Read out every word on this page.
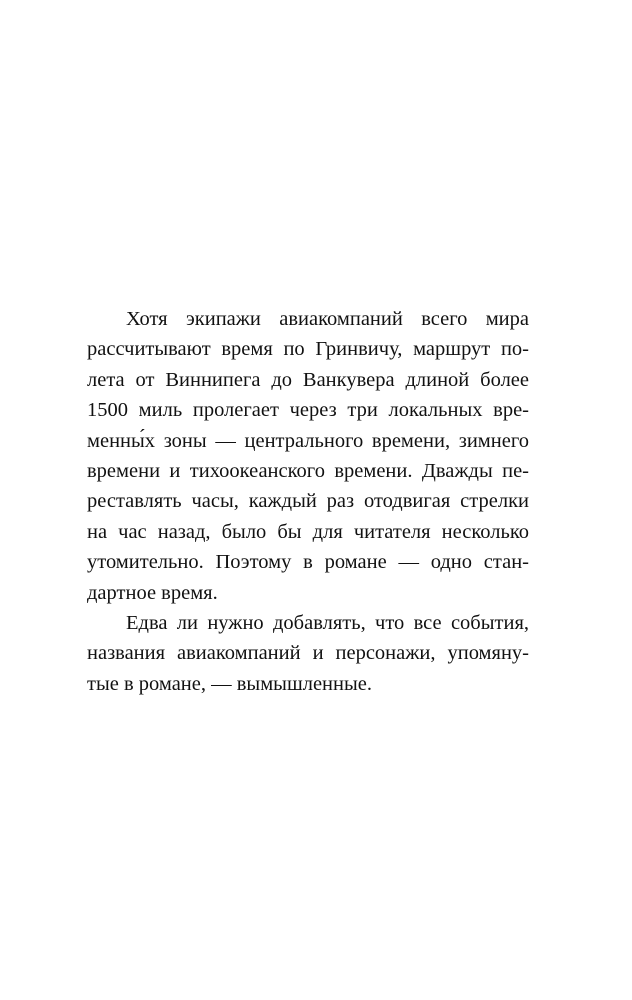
Хотя экипажи авиакомпаний всего мира
рассчитывают время по Гринвичу, маршрут по-
лета от Виннипега до Ванкувера длиной более
1500 миль пролегает через три локальных вре-
менны́х зоны — центрального времени, зимнего
времени и тихоокеанского времени. Дважды пе-
реставлять часы, каждый раз отодвигая стрелки
на час назад, было бы для читателя несколько
утомительно. Поэтому в романе — одно стан-
дартное время.

Едва ли нужно добавлять, что все события,
названия авиакомпаний и персонажи, упомяну-
тые в романе, — вымышленные.
